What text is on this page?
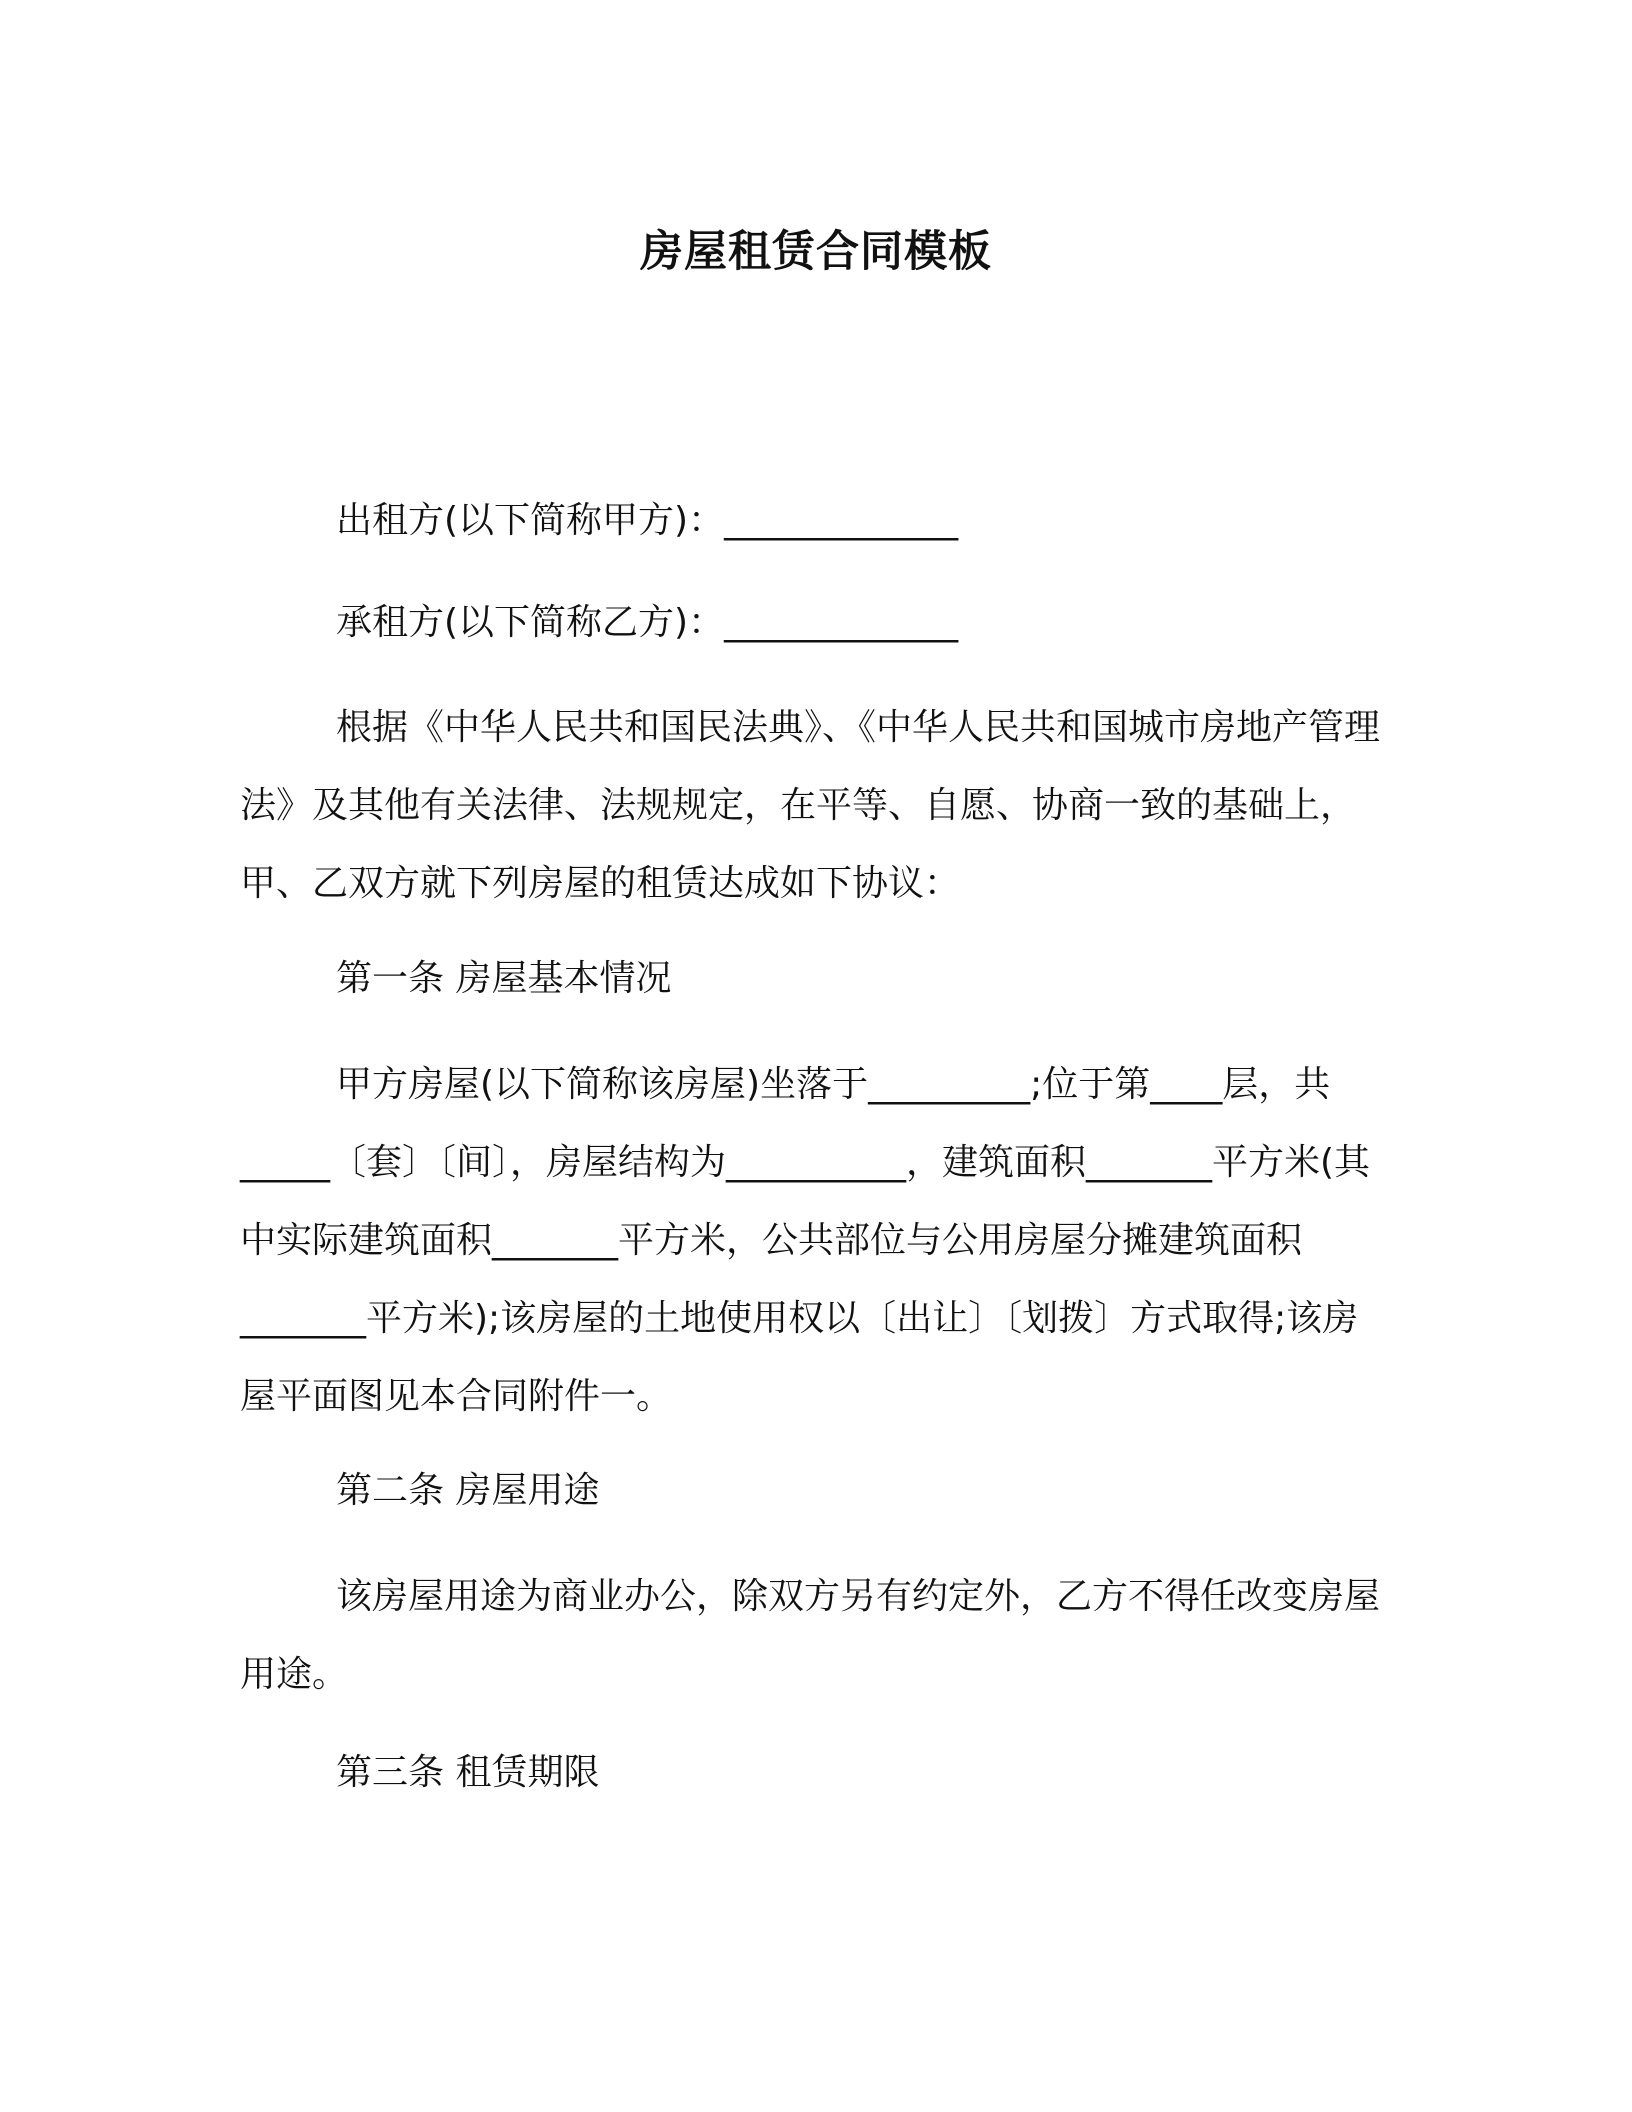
房屋租赁合同模板

出租方(以下简称甲方)：_____________

承租方(以下简称乙方)：_____________

根据《中华人民共和国民法典》、《中华人民共和国城市房地产管理法》及其他有关法律、法规规定，在平等、自愿、协商一致的基础上，甲、乙双方就下列房屋的租赁达成如下协议：

第一条 房屋基本情况

甲方房屋(以下简称该房屋)坐落于_________;位于第____层，共_____〔套〕〔间〕，房屋结构为__________，建筑面积_______平方米(其中实际建筑面积_______平方米，公共部位与公用房屋分摊建筑面积_______平方米);该房屋的土地使用权以〔出让〕〔划拨〕方式取得;该房屋平面图见本合同附件一。

第二条 房屋用途

该房屋用途为商业办公，除双方另有约定外，乙方不得任改变房屋用途。

第三条 租赁期限
